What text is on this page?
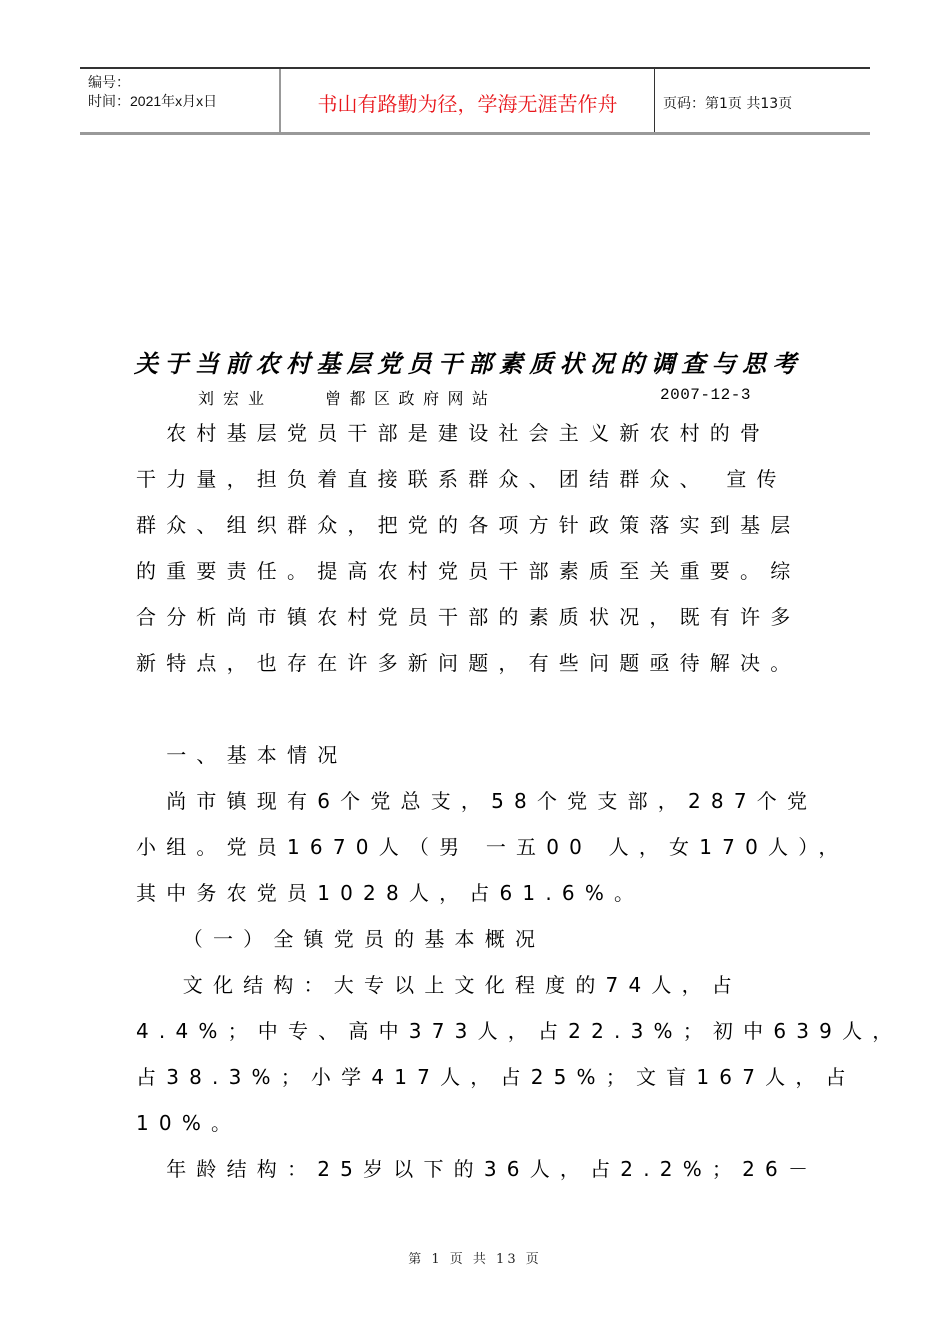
编号：
时间：2021年x月x日	书山有路勤为径，学海无涯苦作舟	页码：第1页 共13页
关于当前农村基层党员干部素质状况的调查与思考
刘宏业	曾都区政府网站	2007-12-3
　农村基层党员干部是建设社会主义新农村的骨
干力量，担负着直接联系群众、团结群众、 宣传
群众、组织群众，把党的各项方针政策落实到基层
的重要责任。提高农村党员干部素质至关重要。综
合分析尚市镇农村党员干部的素质状况，既有许多
新特点，也存在许多新问题，有些问题亟待解决。
　一、基本情况
　尚市镇现有6个党总支，58个党支部，287个党
小组。党员1670人（男 一五00 人，女170人），
其中务农党员1028人，占61.6%。
　 （一）全镇党员的基本概况
　 文化结构：大专以上文化程度的74人，占
4.4%；中专、高中373人，占22.3%；初中639人，
占38.3%；小学417人，占25%；文盲167人，占
10%。
　年龄结构：25岁以下的36人，占2.2%；26－
第 1 页 共 13 页
